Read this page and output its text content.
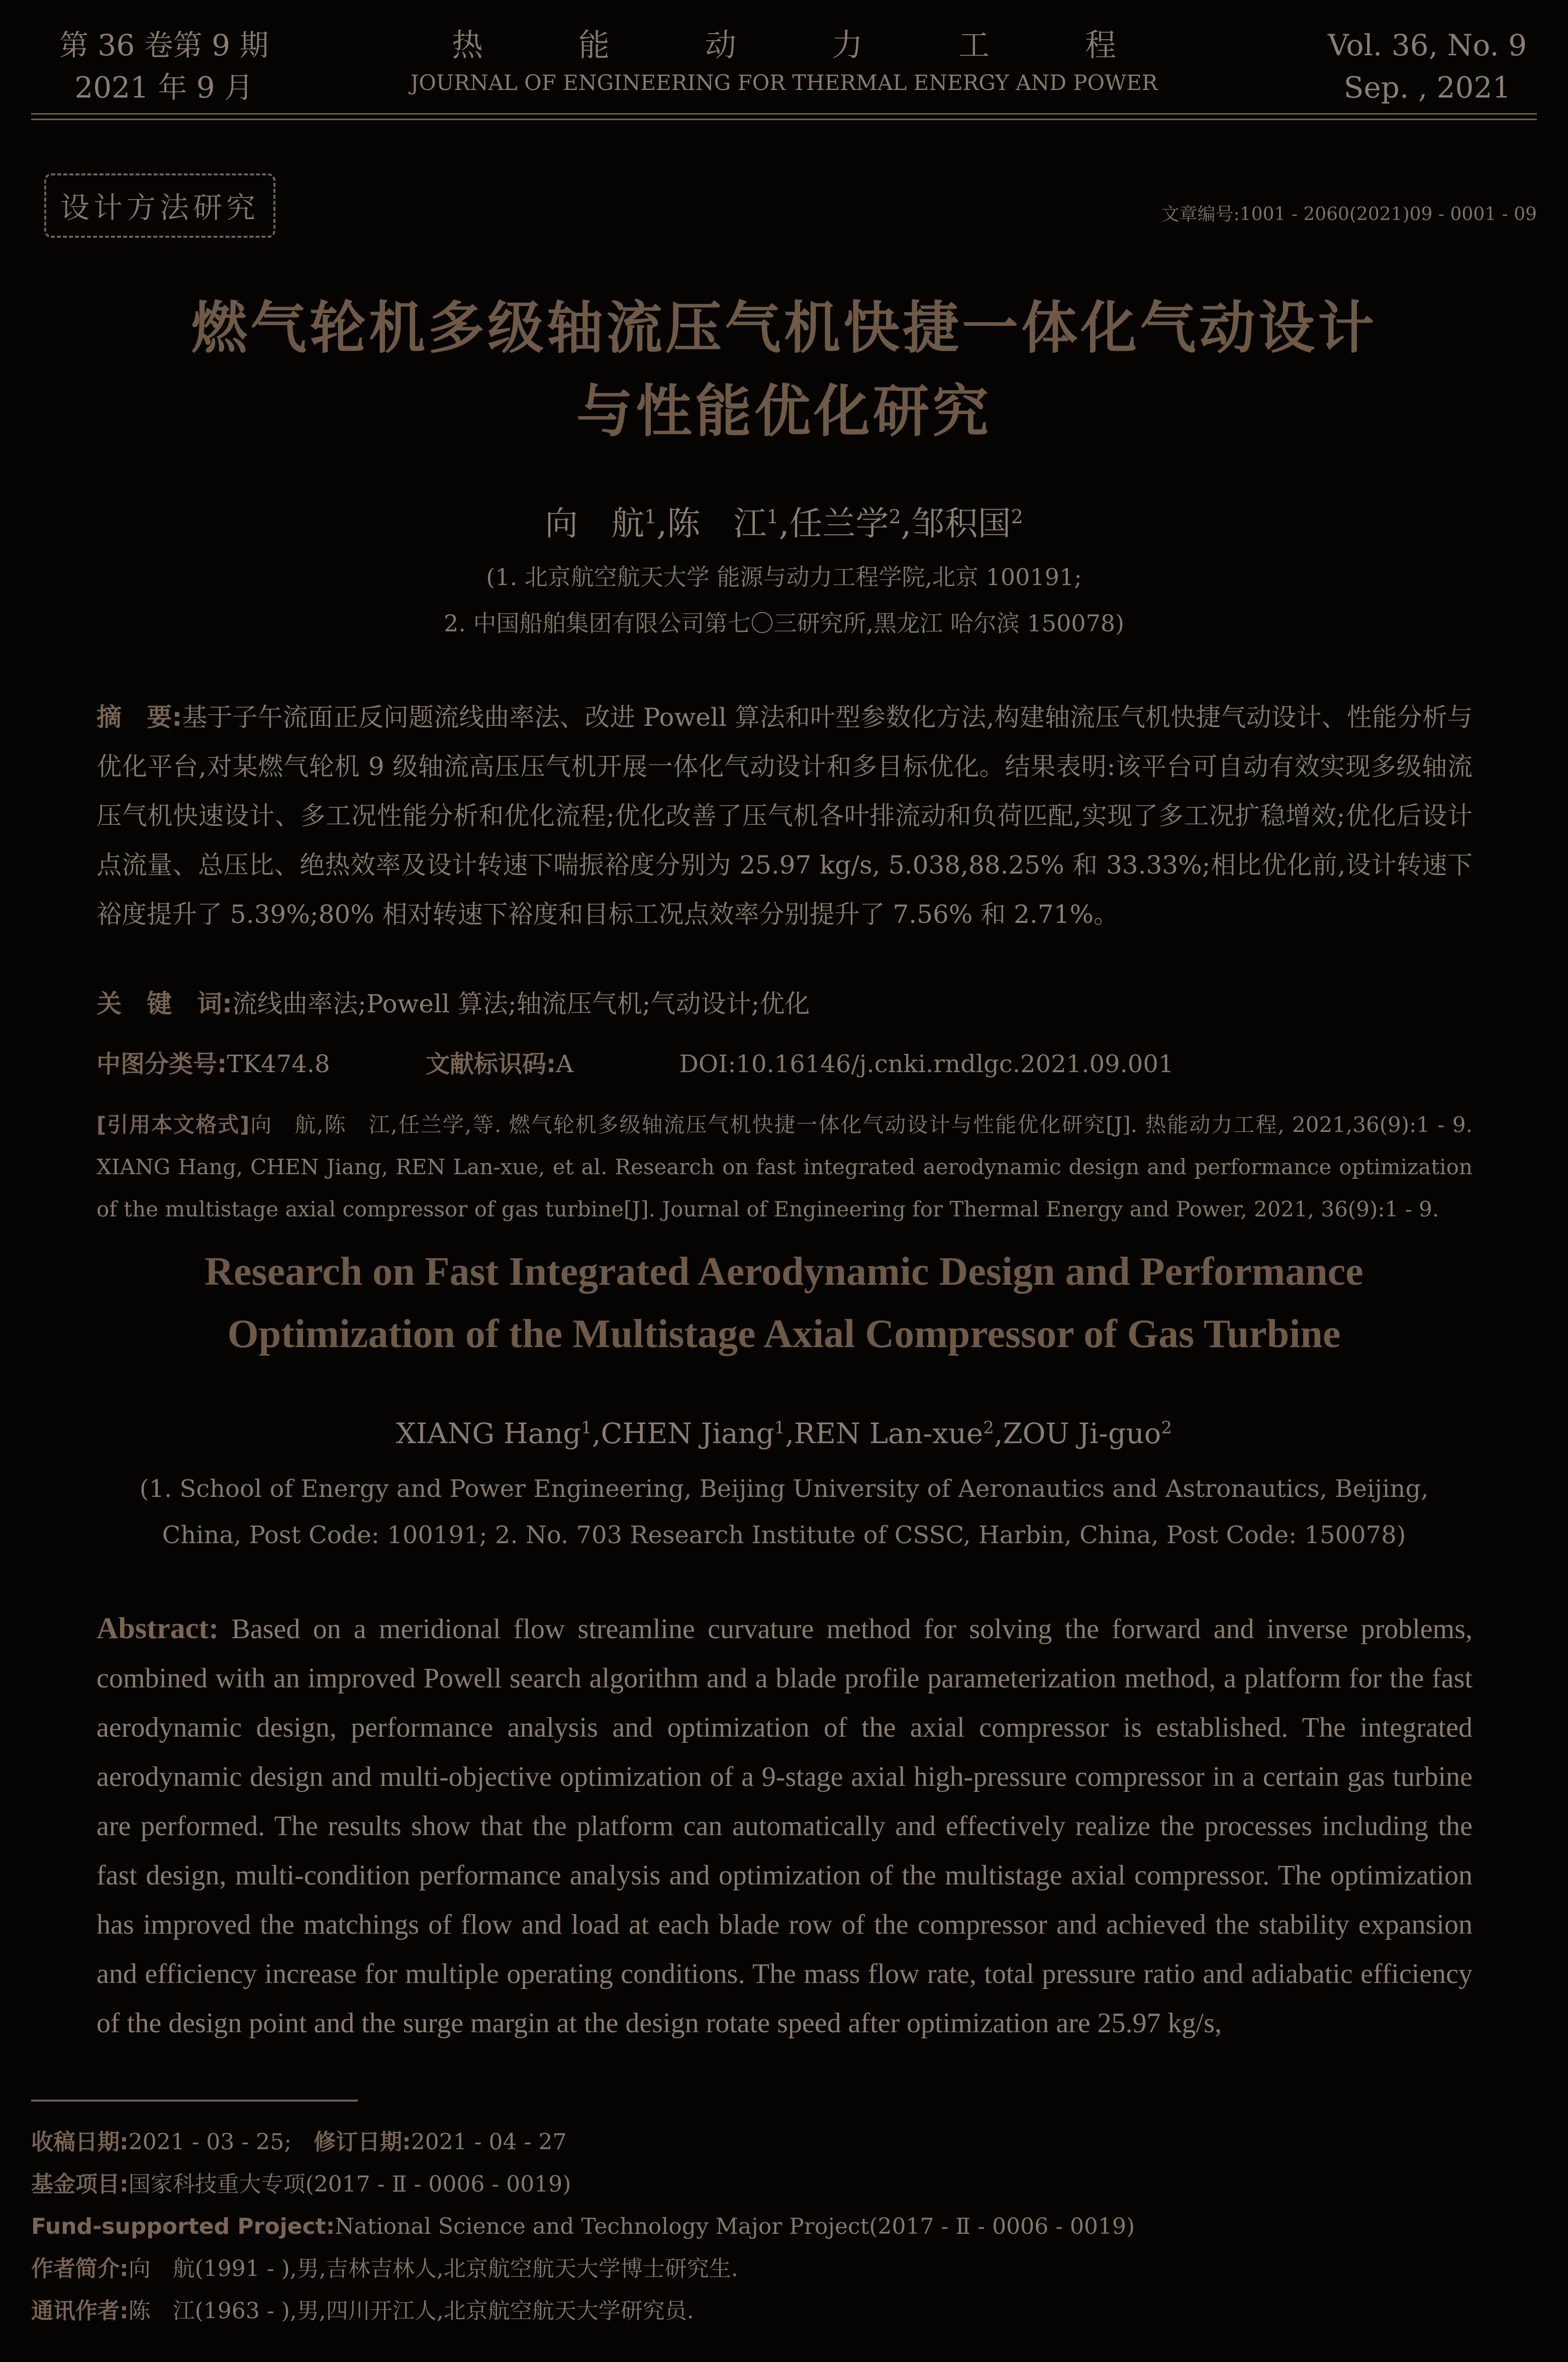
第 36 卷第 9 期
2021 年 9 月
热能动力工程
JOURNAL OF ENGINEERING FOR THERMAL ENERGY AND POWER
Vol. 36, No. 9
Sep. , 2021
设计方法研究	文章编号:1001 - 2060(2021)09 - 0001 - 09
燃气轮机多级轴流压气机快捷一体化气动设计
与性能优化研究
向　航$^1$,陈　江$^1$,任兰学$^2$,邹积国$^2$
(1. 北京航空航天大学 能源与动力工程学院,北京 100191;
2. 中国船舶集团有限公司第七〇三研究所,黑龙江 哈尔滨 150078)
摘　要:基于子午流面正反问题流线曲率法、改进 Powell 算法和叶型参数化方法,构建轴流压气机快捷气动设计、性能分析与优化平台,对某燃气轮机 9 级轴流高压压气机开展一体化气动设计和多目标优化。结果表明:该平台可自动有效实现多级轴流压气机快速设计、多工况性能分析和优化流程;优化改善了压气机各叶排流动和负荷匹配,实现了多工况扩稳增效;优化后设计点流量、总压比、绝热效率及设计转速下喘振裕度分别为 25.97 kg/s, 5.038,88.25% 和 33.33%;相比优化前,设计转速下裕度提升了 5.39%;80% 相对转速下裕度和目标工况点效率分别提升了 7.56% 和 2.71%。
关　键　词:流线曲率法;Powell 算法;轴流压气机;气动设计;优化
中图分类号:TK474.8	文献标识码:A	DOI:10.16146/j.cnki.rndlgc.2021.09.001
[引用本文格式]向　航,陈　江,任兰学,等. 燃气轮机多级轴流压气机快捷一体化气动设计与性能优化研究[J]. 热能动力工程, 2021,36(9):1 - 9. XIANG Hang, CHEN Jiang, REN Lan-xue, et al. Research on fast integrated aerodynamic design and performance optimization of the multistage axial compressor of gas turbine[J]. Journal of Engineering for Thermal Energy and Power, 2021, 36(9):1 - 9.
Research on Fast Integrated Aerodynamic Design and Performance
Optimization of the Multistage Axial Compressor of Gas Turbine
XIANG Hang$^1$,CHEN Jiang$^1$,REN Lan-xue$^2$,ZOU Ji-guo$^2$
(1. School of Energy and Power Engineering, Beijing University of Aeronautics and Astronautics, Beijing,
China, Post Code: 100191; 2. No. 703 Research Institute of CSSC, Harbin, China, Post Code: 150078)
Abstract: Based on a meridional flow streamline curvature method for solving the forward and inverse problems, combined with an improved Powell search algorithm and a blade profile parameterization method, a platform for the fast aerodynamic design, performance analysis and optimization of the axial compressor is established. The integrated aerodynamic design and multi-objective optimization of a 9-stage axial high-pressure compressor in a certain gas turbine are performed. The results show that the platform can automatically and effectively realize the processes including the fast design, multi-condition performance analysis and optimization of the multistage axial compressor. The optimization has improved the matchings of flow and load at each blade row of the compressor and achieved the stability expansion and efficiency increase for multiple operating conditions. The mass flow rate, total pressure ratio and adiabatic efficiency of the design point and the surge margin at the design rotate speed after optimization are 25.97 kg/s,
收稿日期:2021 - 03 - 25;　修订日期:2021 - 04 - 27
基金项目:国家科技重大专项(2017 - Ⅱ - 0006 - 0019)
Fund-supported Project:National Science and Technology Major Project(2017 - Ⅱ - 0006 - 0019)
作者简介:向　航(1991 - ),男,吉林吉林人,北京航空航天大学博士研究生.
通讯作者:陈　江(1963 - ),男,四川开江人,北京航空航天大学研究员.
